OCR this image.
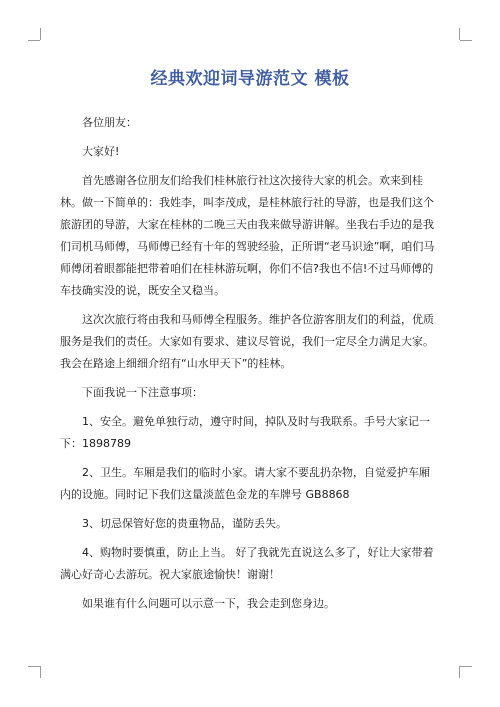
经典欢迎词导游范文 模板

各位朋友：

大家好!

首先感谢各位朋友们给我们桂林旅行社这次接待大家的机会。欢来到桂林。做一下简单的：我姓李，叫李茂成，是桂林旅行社的导游，也是我们这个旅游团的导游，大家在桂林的二晚三天由我来做导游讲解。坐我右手边的是我们司机马师傅，马师傅已经有十年的驾驶经验，正所谓“老马识途”啊，咱们马师傅闭着眼都能把带着咱们在桂林游玩啊，你们不信?我也不信!不过马师傅的车技确实没的说，既安全又稳当。

这次次旅行将由我和马师傅全程服务。维护各位游客朋友们的利益，优质服务是我们的责任。大家如有要求、建议尽管说，我们一定尽全力满足大家。我会在路途上细细介绍有“山水甲天下”的桂林。

下面我说一下注意事项：

1、安全。避免单独行动，遵守时间，掉队及时与我联系。手号大家记一 下：1898789

2、卫生。车厢是我们的临时小家。请大家不要乱扔杂物，自觉爱护车厢内的设施。同时记下我们这量淡蓝色金龙的车牌号 GB8868

3、切忌保管好您的贵重物品，谨防丢失。

4、购物时要慎重，防止上当。 好了我就先直说这么多了，好让大家带着满心好奇心去游玩。祝大家旅途愉快！谢谢！

如果谁有什么问题可以示意一下，我会走到您身边。
